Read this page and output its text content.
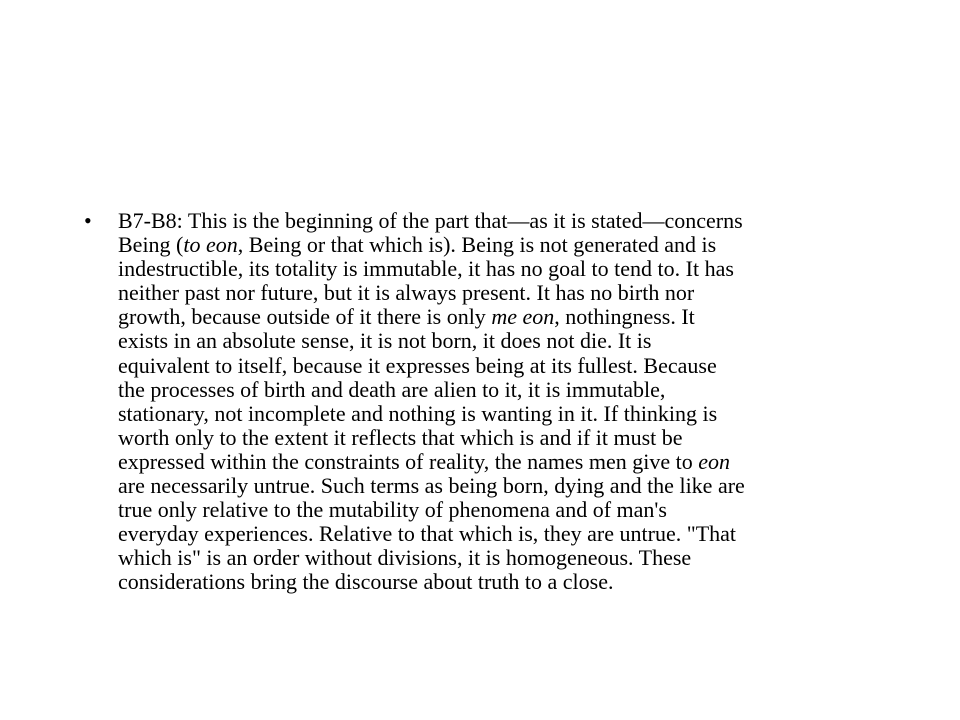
• B7-B8: This is the beginning of the part that—as it is stated—concerns
Being (to eon, Being or that which is). Being is not generated and is
indestructible, its totality is immutable, it has no goal to tend to. It has
neither past nor future, but it is always present. It has no birth nor
growth, because outside of it there is only me eon, nothingness. It
exists in an absolute sense, it is not born, it does not die. It is
equivalent to itself, because it expresses being at its fullest. Because
the processes of birth and death are alien to it, it is immutable,
stationary, not incomplete and nothing is wanting in it. If thinking is
worth only to the extent it reflects that which is and if it must be
expressed within the constraints of reality, the names men give to eon
are necessarily untrue. Such terms as being born, dying and the like are
true only relative to the mutability of phenomena and of man's
everyday experiences. Relative to that which is, they are untrue. "That
which is" is an order without divisions, it is homogeneous. These
considerations bring the discourse about truth to a close.
